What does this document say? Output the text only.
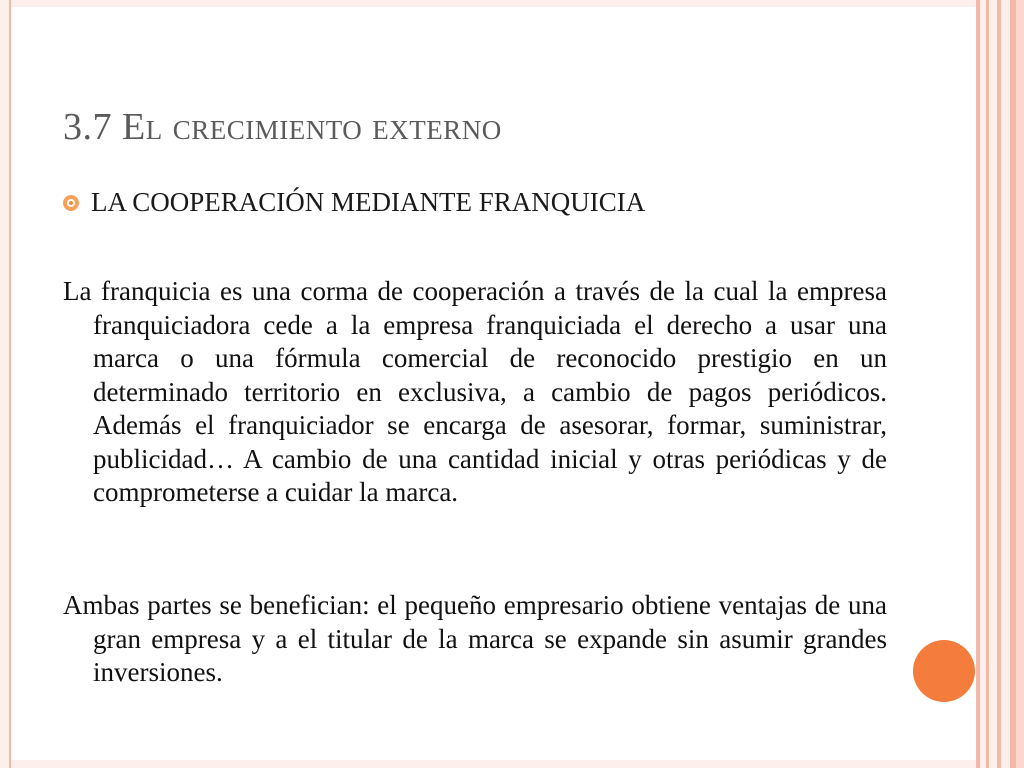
3.7 El crecimiento externo
LA COOPERACIÓN MEDIANTE FRANQUICIA
La franquicia es una corma de cooperación a través de la cual la empresa franquiciadora cede a la empresa franquiciada el derecho a usar una marca o una fórmula comercial de reconocido prestigio en un determinado territorio en exclusiva, a cambio de pagos periódicos. Además el franquiciador se encarga de asesorar, formar, suministrar, publicidad… A cambio de una cantidad inicial y otras periódicas y de comprometerse a cuidar la marca.
Ambas partes se benefician: el pequeño empresario obtiene ventajas de una gran empresa y a el titular de la marca se expande sin asumir grandes inversiones.
